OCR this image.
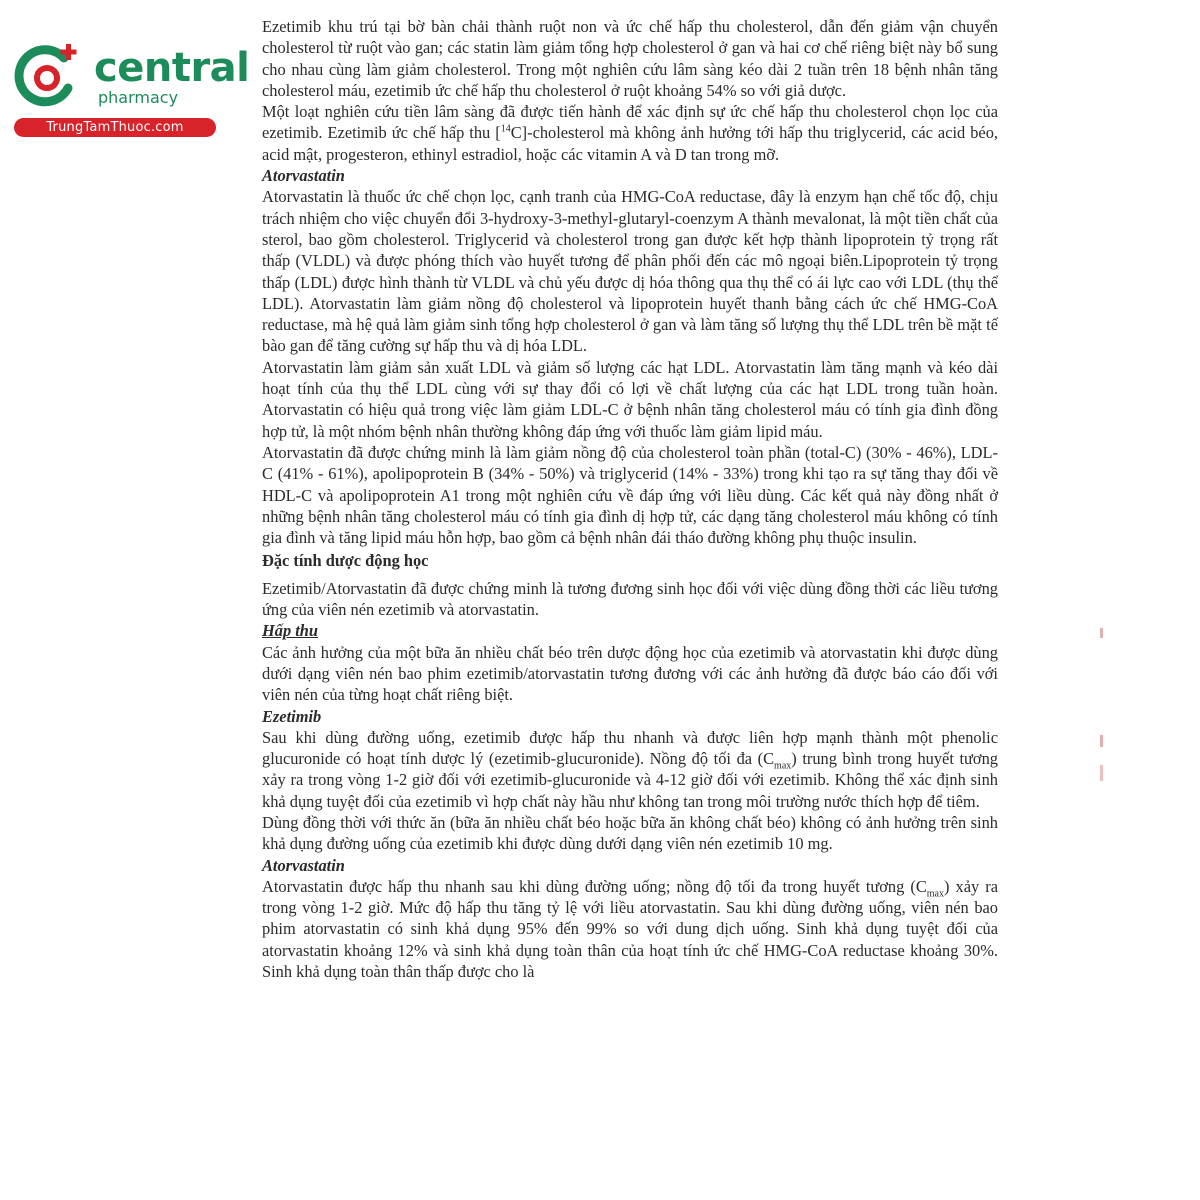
central
pharmacy
TrungTamThuoc.com

Ezetimib khu trú tại bờ bàn chải thành ruột non và ức chế hấp thu cholesterol, dẫn đến giảm vận chuyển cholesterol từ ruột vào gan; các statin làm giảm tổng hợp cholesterol ở gan và hai cơ chế riêng biệt này bổ sung cho nhau cùng làm giảm cholesterol. Trong một nghiên cứu lâm sàng kéo dài 2 tuần trên 18 bệnh nhân tăng cholesterol máu, ezetimib ức chế hấp thu cholesterol ở ruột khoảng 54% so với giả dược.

Một loạt nghiên cứu tiền lâm sàng đã được tiến hành để xác định sự ức chế hấp thu cholesterol chọn lọc của ezetimib. Ezetimib ức chế hấp thu [$^{14}$C]-cholesterol mà không ảnh hưởng tới hấp thu triglycerid, các acid béo, acid mật, progesteron, ethinyl estradiol, hoặc các vitamin A và D tan trong mỡ.

Atorvastatin

Atorvastatin là thuốc ức chế chọn lọc, cạnh tranh của HMG-CoA reductase, đây là enzym hạn chế tốc độ, chịu trách nhiệm cho việc chuyển đổi 3-hydroxy-3-methyl-glutaryl-coenzym A thành mevalonat, là một tiền chất của sterol, bao gồm cholesterol. Triglycerid và cholesterol trong gan được kết hợp thành lipoprotein tỷ trọng rất thấp (VLDL) và được phóng thích vào huyết tương để phân phối đến các mô ngoại biên.Lipoprotein tỷ trọng thấp (LDL) được hình thành từ VLDL và chủ yếu được dị hóa thông qua thụ thể có ái lực cao với LDL (thụ thể LDL). Atorvastatin làm giảm nồng độ cholesterol và lipoprotein huyết thanh bằng cách ức chế HMG-CoA reductase, mà hệ quả làm giảm sinh tổng hợp cholesterol ở gan và làm tăng số lượng thụ thể LDL trên bề mặt tế bào gan để tăng cường sự hấp thu và dị hóa LDL.

Atorvastatin làm giảm sản xuất LDL và giảm số lượng các hạt LDL. Atorvastatin làm tăng mạnh và kéo dài hoạt tính của thụ thể LDL cùng với sự thay đổi có lợi về chất lượng của các hạt LDL trong tuần hoàn. Atorvastatin có hiệu quả trong việc làm giảm LDL-C ở bệnh nhân tăng cholesterol máu có tính gia đình đồng hợp tử, là một nhóm bệnh nhân thường không đáp ứng với thuốc làm giảm lipid máu.

Atorvastatin đã được chứng minh là làm giảm nồng độ của cholesterol toàn phần (total-C) (30% - 46%), LDL-C (41% - 61%), apolipoprotein B (34% - 50%) và triglycerid (14% - 33%) trong khi tạo ra sự tăng thay đổi về HDL-C và apolipoprotein A1 trong một nghiên cứu về đáp ứng với liều dùng. Các kết quả này đồng nhất ở những bệnh nhân tăng cholesterol máu có tính gia đình dị hợp tử, các dạng tăng cholesterol máu không có tính gia đình và tăng lipid máu hỗn hợp, bao gồm cả bệnh nhân đái tháo đường không phụ thuộc insulin.

Đặc tính dược động học

Ezetimib/Atorvastatin đã được chứng minh là tương đương sinh học đối với việc dùng đồng thời các liều tương ứng của viên nén ezetimib và atorvastatin.

Hấp thu

Các ảnh hưởng của một bữa ăn nhiều chất béo trên dược động học của ezetimib và atorvastatin khi được dùng dưới dạng viên nén bao phim ezetimib/atorvastatin tương đương với các ảnh hưởng đã được báo cáo đối với viên nén của từng hoạt chất riêng biệt.

Ezetimib

Sau khi dùng đường uống, ezetimib được hấp thu nhanh và được liên hợp mạnh thành một phenolic glucuronide có hoạt tính dược lý (ezetimib-glucuronide). Nồng độ tối đa $(C_{max})$ trung bình trong huyết tương xảy ra trong vòng 1-2 giờ đối với ezetimib-glucuronide và 4-12 giờ đối với ezetimib. Không thể xác định sinh khả dụng tuyệt đối của ezetimib vì hợp chất này hầu như không tan trong môi trường nước thích hợp để tiêm.

Dùng đồng thời với thức ăn (bữa ăn nhiều chất béo hoặc bữa ăn không chất béo) không có ảnh hưởng trên sinh khả dụng đường uống của ezetimib khi được dùng dưới dạng viên nén ezetimib 10 mg.

Atorvastatin

Atorvastatin được hấp thu nhanh sau khi dùng đường uống; nồng độ tối đa trong huyết tương $(C_{max})$ xảy ra trong vòng 1-2 giờ. Mức độ hấp thu tăng tỷ lệ với liều atorvastatin. Sau khi dùng đường uống, viên nén bao phim atorvastatin có sinh khả dụng 95% đến 99% so với dung dịch uống. Sinh khả dụng tuyệt đối của atorvastatin khoảng 12% và sinh khả dụng toàn thân của hoạt tính ức chế HMG-CoA reductase khoảng 30%. Sinh khả dụng toàn thân thấp được cho là
